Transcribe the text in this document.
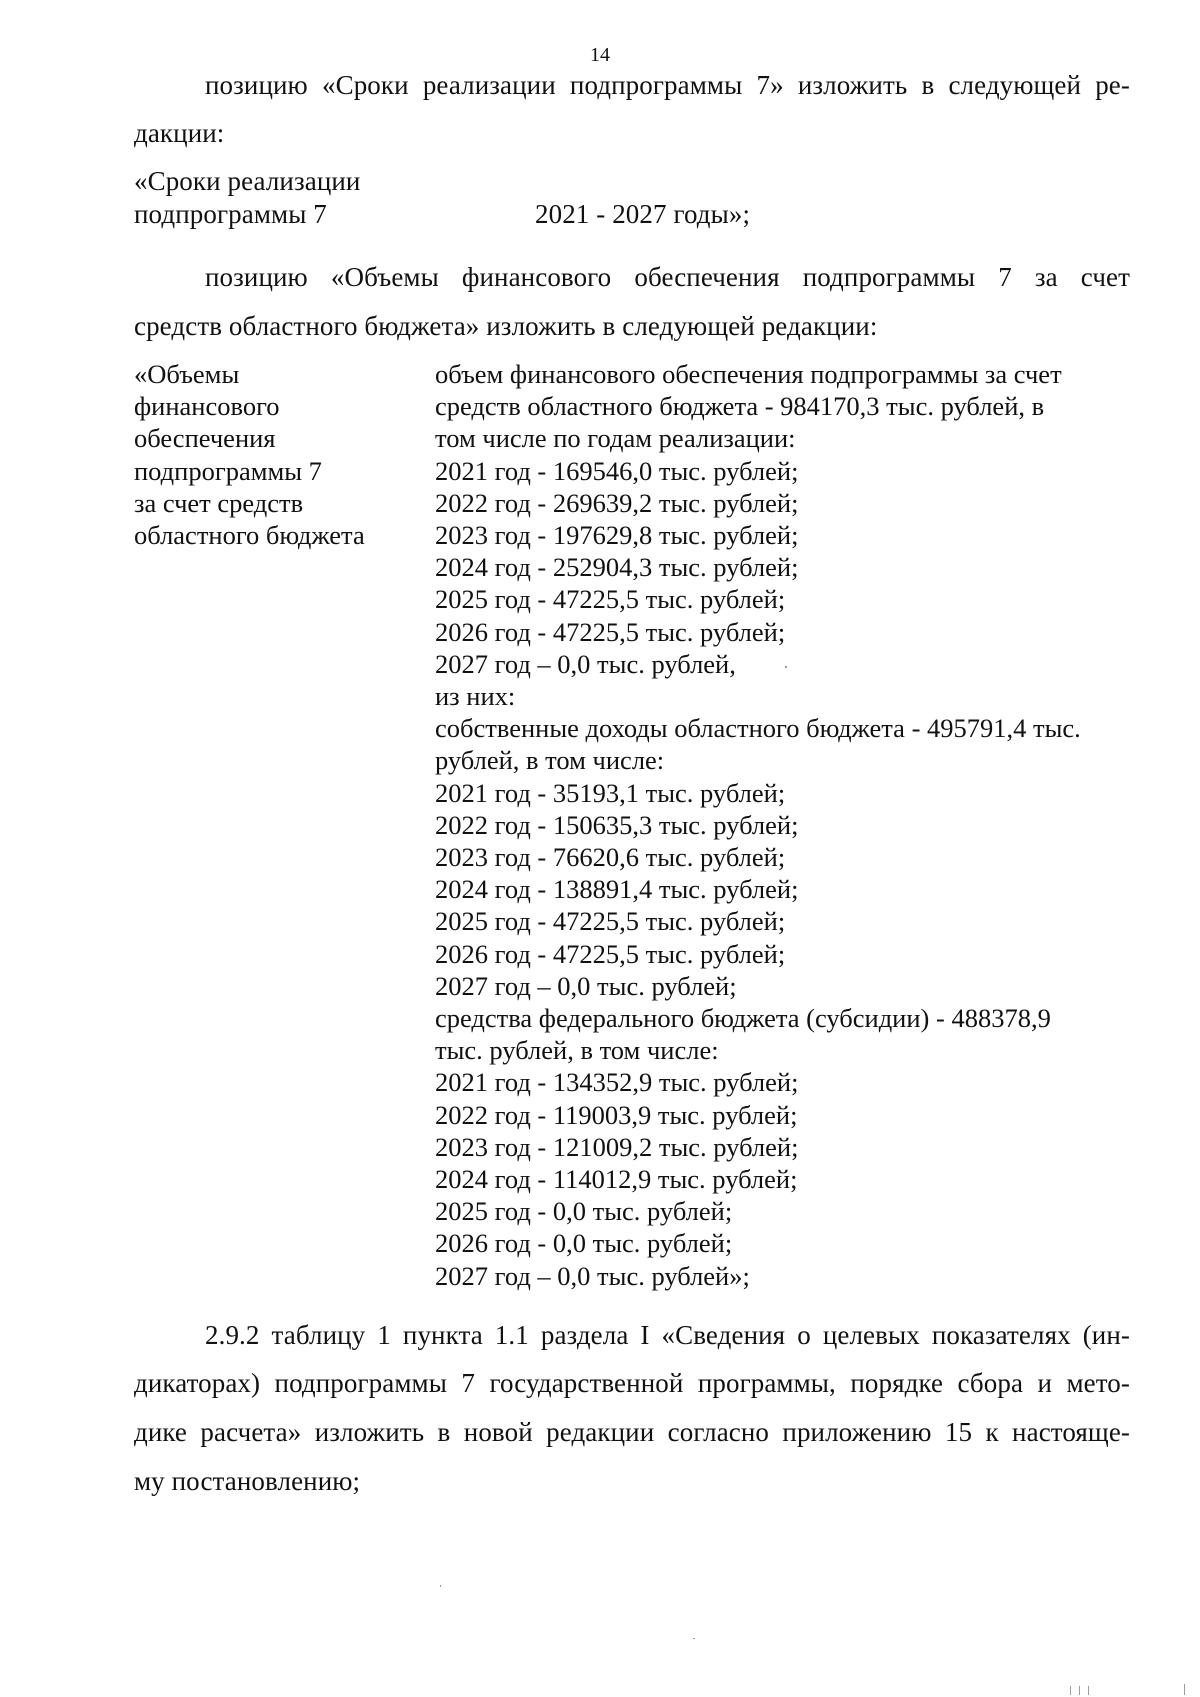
14
позицию «Сроки реализации подпрограммы 7» изложить в следующей ре-
дакции:
«Сроки реализации
подпрограммы 7	2021 - 2027 годы»;
позицию «Объемы финансового обеспечения подпрограммы 7 за счет
средств областного бюджета» изложить в следующей редакции:
«Объемы
финансового
обеспечения
подпрограммы 7
за счет средств
областного бюджета
объем финансового обеспечения подпрограммы за счет
средств областного бюджета - 984170,3 тыс. рублей, в
том числе по годам реализации:
2021 год - 169546,0 тыс. рублей;
2022 год - 269639,2 тыс. рублей;
2023 год - 197629,8 тыс. рублей;
2024 год - 252904,3 тыс. рублей;
2025 год - 47225,5 тыс. рублей;
2026 год - 47225,5 тыс. рублей;
2027 год – 0,0 тыс. рублей,
из них:
собственные доходы областного бюджета - 495791,4 тыс.
рублей, в том числе:
2021 год - 35193,1 тыс. рублей;
2022 год - 150635,3 тыс. рублей;
2023 год - 76620,6 тыс. рублей;
2024 год - 138891,4 тыс. рублей;
2025 год - 47225,5 тыс. рублей;
2026 год - 47225,5 тыс. рублей;
2027 год – 0,0 тыс. рублей;
средства федерального бюджета (субсидии) - 488378,9
тыс. рублей, в том числе:
2021 год - 134352,9 тыс. рублей;
2022 год - 119003,9 тыс. рублей;
2023 год - 121009,2 тыс. рублей;
2024 год - 114012,9 тыс. рублей;
2025 год - 0,0 тыс. рублей;
2026 год - 0,0 тыс. рублей;
2027 год – 0,0 тыс. рублей»;
2.9.2 таблицу 1 пункта 1.1 раздела I «Сведения о целевых показателях (ин-
дикаторах) подпрограммы 7 государственной программы, порядке сбора и мето-
дике расчета» изложить в новой редакции согласно приложению 15 к настояще-
му постановлению;
